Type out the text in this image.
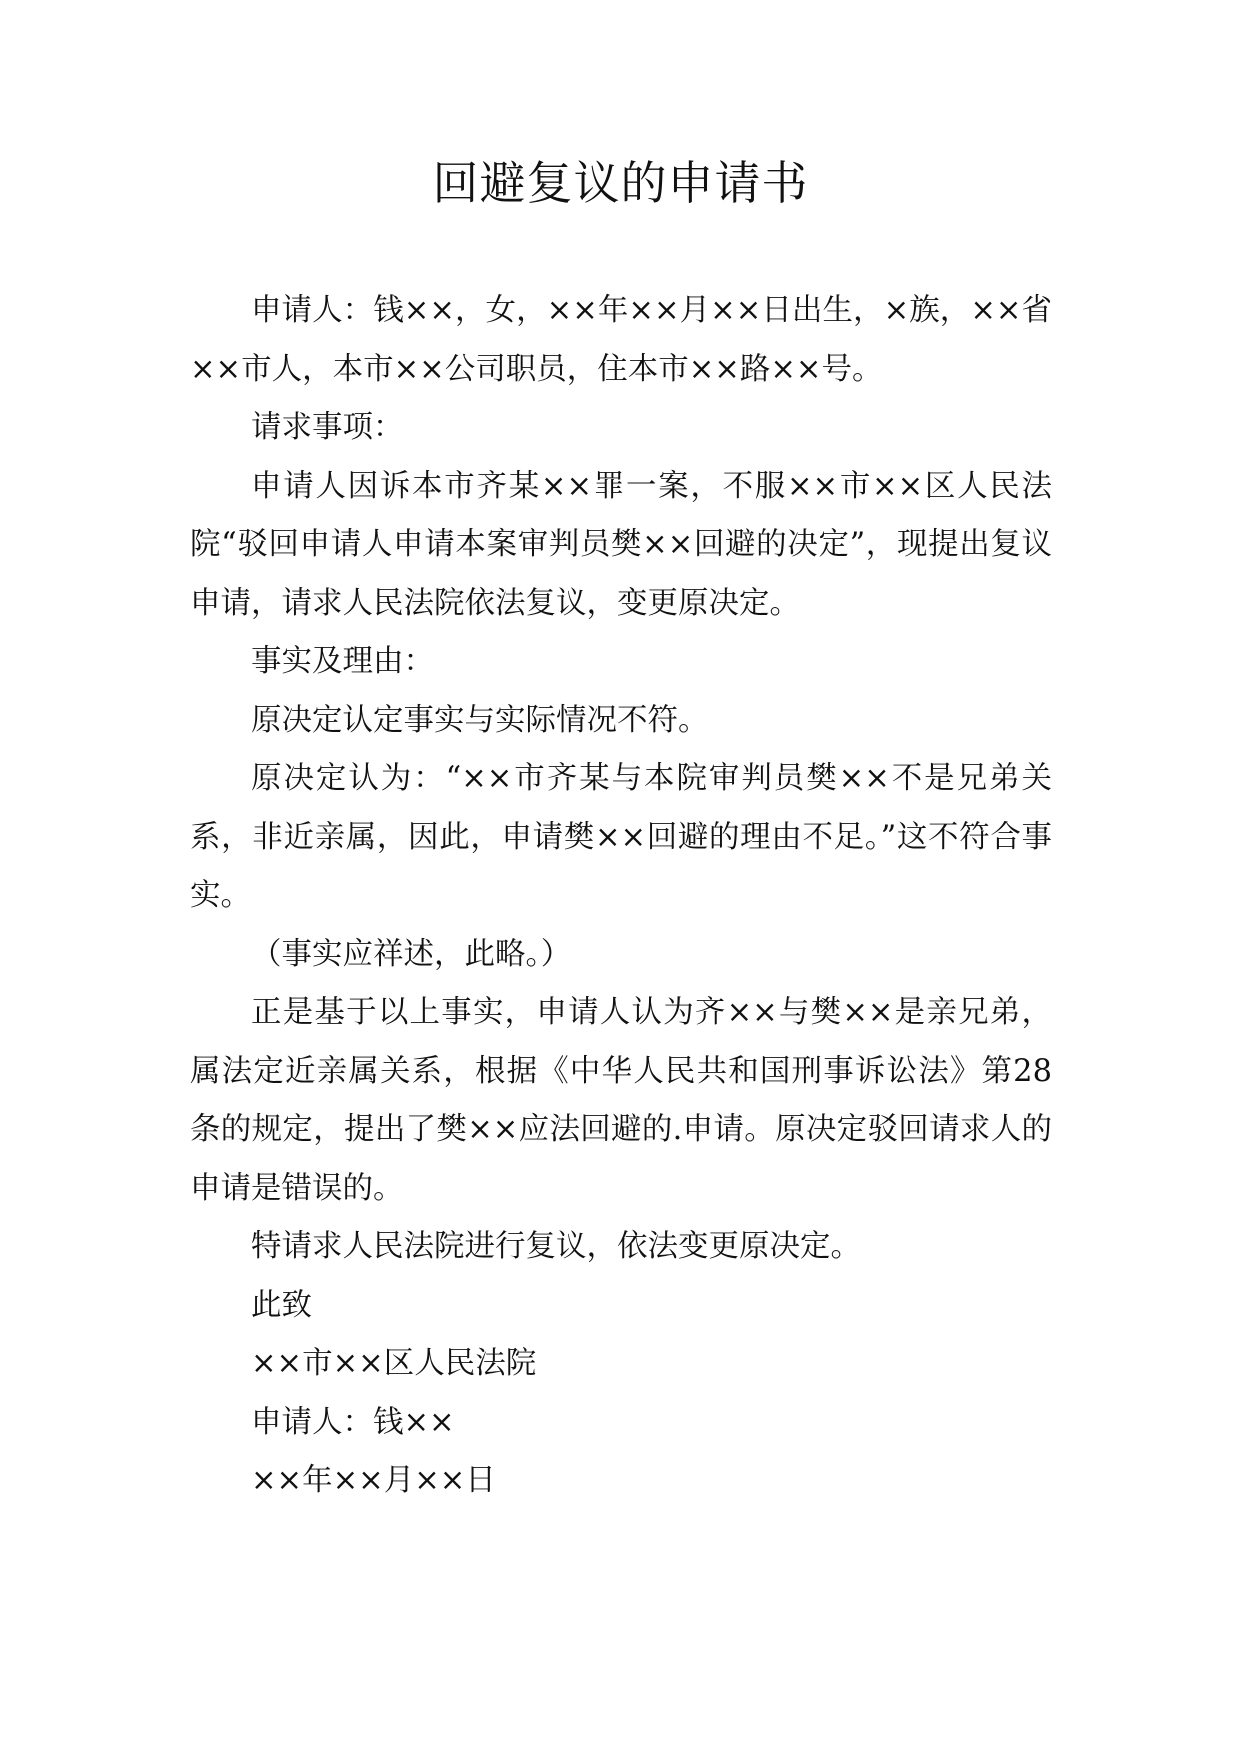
回避复议的申请书

申请人：钱××，女，××年××月××日出生，×族，××省××市人，本市××公司职员，住本市××路××号。

请求事项：

申请人因诉本市齐某××罪一案，不服××市××区人民法院“驳回申请人申请本案审判员樊××回避的决定”，现提出复议申请，请求人民法院依法复议，变更原决定。

事实及理由：

原决定认定事实与实际情况不符。

原决定认为：“××市齐某与本院审判员樊××不是兄弟关系，非近亲属，因此，申请樊××回避的理由不足。”这不符合事实。

（事实应祥述，此略。）

正是基于以上事实，申请人认为齐××与樊××是亲兄弟，属法定近亲属关系，根据《中华人民共和国刑事诉讼法》第28条的规定，提出了樊××应法回避的.申请。原决定驳回请求人的申请是错误的。

特请求人民法院进行复议，依法变更原决定。

此致

××市××区人民法院

申请人：钱××

××年××月××日
